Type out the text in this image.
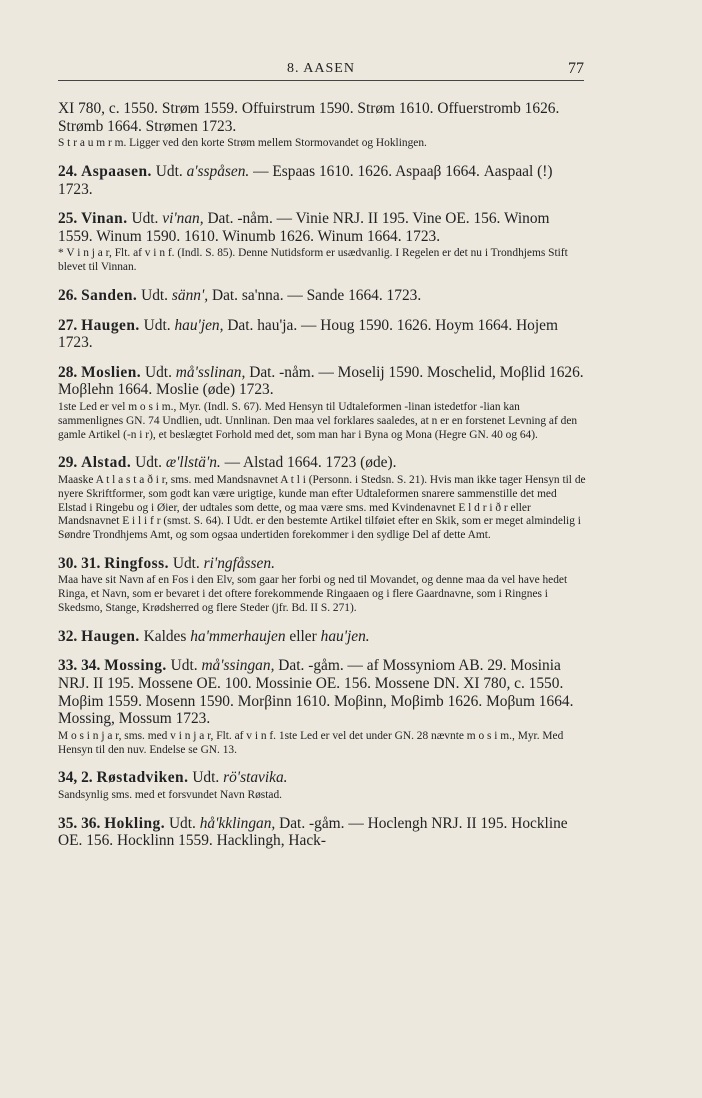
8. AASEN	77

XI 780, c. 1550. Strøm 1559. Offuirstrum 1590. Strøm 1610. Offuerstromb 1626. Strømb 1664. Strømen 1723.

S t r a u m r m. Ligger ved den korte Strøm mellem Stormovandet og Hoklingen.

24. Aspaasen. Udt. a'sspåsen. — Espaas 1610. 1626. Aspaaβ 1664. Aaspaal (!) 1723.

25. Vinan. Udt. vi'nan, Dat. -nåm. — Vinie NRJ. II 195. Vine OE. 156. Winom 1559. Winum 1590. 1610. Winumb 1626. Winum 1664. 1723.

* V i n j a r, Flt. af v i n f. (Indl. S. 85). Denne Nutidsform er usædvanlig. I Regelen er det nu i Trondhjems Stift blevet til Vinnan.

26. Sanden. Udt. sänn', Dat. sa'nna. — Sande 1664. 1723.

27. Haugen. Udt. hau'jen, Dat. hau'ja. — Houg 1590. 1626. Hoym 1664. Hojem 1723.

28. Moslien. Udt. må'sslinan, Dat. -nåm. — Moselij 1590. Moschelid, Moβlid 1626. Moβlehn 1664. Moslie (øde) 1723.

1ste Led er vel m o s i m., Myr. (Indl. S. 67). Med Hensyn til Udtaleformen -linan istedetfor -lian kan sammenlignes GN. 74 Undlien, udt. Unnlinan. Den maa vel forklares saaledes, at n er en forstenet Levning af den gamle Artikel (-n i r), et beslægtet Forhold med det, som man har i Byna og Mona (Hegre GN. 40 og 64).

29. Alstad. Udt. æ'llstä'n. — Alstad 1664. 1723 (øde).

Maaske A t l a s t a ð i r, sms. med Mandsnavnet A t l i (Personn. i Stedsn. S. 21). Hvis man ikke tager Hensyn til de nyere Skriftformer, som godt kan være urigtige, kunde man efter Udtaleformen snarere sammenstille det med Elstad i Ringebu og i Øier, der udtales som dette, og maa være sms. med Kvindenavnet E l d r i ð r eller Mandsnavnet E i l i f r (smst. S. 64). I Udt. er den bestemte Artikel tilføiet efter en Skik, som er meget almindelig i Søndre Trondhjems Amt, og som ogsaa undertiden forekommer i den sydlige Del af dette Amt.

30. 31. Ringfoss. Udt. ri'ngfåssen.

Maa have sit Navn af en Fos i den Elv, som gaar her forbi og ned til Movandet, og denne maa da vel have hedet Ringa, et Navn, som er bevaret i det oftere forekommende Ringaaen og i flere Gaardnavne, som i Ringnes i Skedsmo, Stange, Krødsherred og flere Steder (jfr. Bd. II S. 271).

32. Haugen. Kaldes ha'mmerhaujen eller hau'jen.

33. 34. Mossing. Udt. må'ssingan, Dat. -gåm. — af Mossyniom AB. 29. Mosinia NRJ. II 195. Mossene OE. 100. Mossinie OE. 156. Mossene DN. XI 780, c. 1550. Moβim 1559. Mosenn 1590. Morβinn 1610. Moβinn, Moβimb 1626. Moβum 1664. Mossing, Mossum 1723.

M o s i n j a r, sms. med v i n j a r, Flt. af v i n f. 1ste Led er vel det under GN. 28 nævnte m o s i m., Myr. Med Hensyn til den nuv. Endelse se GN. 13.

34, 2. Røstadviken. Udt. rö'stavika.

Sandsynlig sms. med et forsvundet Navn Røstad.

35. 36. Hokling. Udt. hå'kklingan, Dat. -gåm. — Hoclengh NRJ. II 195. Hockline OE. 156. Hocklinn 1559. Hacklingh, Hack-
